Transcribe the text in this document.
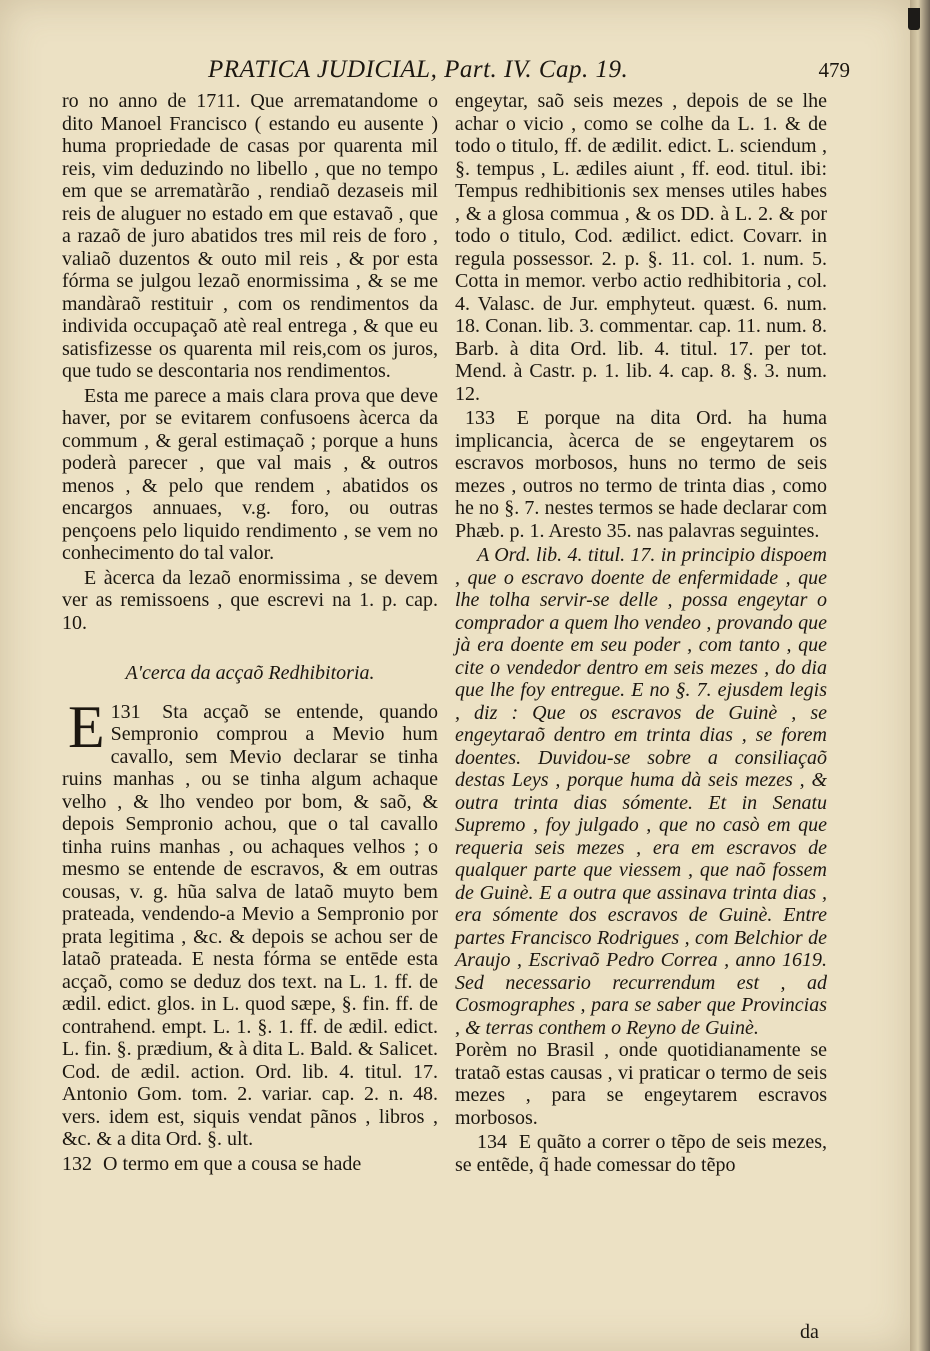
PRATICA JUDICIAL, Part. IV. Cap. 19.	479

ro no anno de 1711. Que arrematandome o dito Manoel Francisco ( estando eu ausente ) huma propriedade de casas por quarenta mil reis, vim deduzindo no libello , que no tempo em que se arrematàrão , rendiaõ dezaseis mil reis de aluguer no estado em que estavaõ , que a razaõ de juro abatidos tres mil reis de foro , valiaõ duzentos & outo mil reis , & por esta fórma se julgou lezaõ enormissima , & se me mandàraõ restituir , com os rendimentos da individa occupaçaõ atè real entrega , & que eu satisfizesse os quarenta mil reis,com os juros, que tudo se descontaria nos rendimentos.

Esta me parece a mais clara prova que deve haver, por se evitarem confusoens àcerca da commum , & geral estimaçaõ ; porque a huns poderà parecer , que val mais , & outros menos , & pelo que rendem , abatidos os encargos annuaes, v.g. foro, ou outras pençoens pelo liquido rendimento , se vem no conhecimento do tal valor.

E àcerca da lezaõ enormissima , se devem ver as remissoens , que escrevi na 1. p. cap. 10.

A'cerca da acçaõ Redhibitoria.

131
E	Sta acçaõ se entende, quando Sempronio comprou a Mevio hum cavallo, sem Mevio declarar se tinha ruins manhas , ou se tinha algum achaque velho , & lho vendeo por bom, & saõ, & depois Sempronio achou, que o tal cavallo tinha ruins manhas , ou achaques velhos ; o mesmo se entende de escravos, & em outras cousas, v. g. hũa salva de lataõ muyto bem prateada, vendendo-a Mevio a Sempronio por prata legitima , &c. & depois se achou ser de lataõ prateada. E nesta fórma se entēde esta acçaõ, como se deduz dos text. na L. 1. ff. de ædil. edict. glos. in L. quod sæpe, §. fin. ff. de contrahend. empt. L. 1. §. 1. ff. de ædil. edict. L. fin. §. prædium, & à dita L. Bald. & Salicet. Cod. de ædil. action. Ord. lib. 4. titul. 17. Antonio Gom. tom. 2. variar. cap. 2. n. 48. vers. idem est, siquis vendat pãnos , libros , &c. & a dita Ord. §. ult.

132 O termo em que a cousa se hade

engeytar, saõ seis mezes , depois de se lhe achar o vicio , como se colhe da L. 1. & de todo o titulo, ff. de ædilit. edict. L. sciendum , §. tempus , L. ædiles aiunt , ff. eod. titul. ibi: Tempus redhibitionis sex menses utiles habes , & a glosa commua , & os DD. à L. 2. & por todo o titulo, Cod. ædilict. edict. Covarr. in regula possessor. 2. p. §. 11. col. 1. num. 5. Cotta in memor. verbo actio redhibitoria , col. 4. Valasc. de Jur. emphyteut. quæst. 6. num. 18. Conan. lib. 3. commentar. cap. 11. num. 8. Barb. à dita Ord. lib. 4. titul. 17. per tot. Mend. à Castr. p. 1. lib. 4. cap. 8. §. 3. num. 12.

133 E porque na dita Ord. ha huma implicancia, àcerca de se engeytarem os escravos morbosos, huns no termo de seis mezes , outros no termo de trinta dias , como he no §. 7. nestes termos se hade declarar com Phæb. p. 1. Aresto 35. nas palavras seguintes.

A Ord. lib. 4. titul. 17. in principio dispoem , que o escravo doente de enfermidade , que lhe tolha servir-se delle , possa engeytar o comprador a quem lho vendeo , provando que jà era doente em seu poder , com tanto , que cite o vendedor dentro em seis mezes , do dia que lhe foy entregue. E no §. 7. ejusdem legis , diz : Que os escravos de Guinè , se engeytaraõ dentro em trinta dias , se forem doentes. Duvidou-se sobre a consiliaçaõ destas Leys , porque huma dà seis mezes , & outra trinta dias sómente. Et in Senatu Supremo , foy julgado , que no casò em que requeria seis mezes , era em escravos de qualquer parte que viessem , que naõ fossem de Guinè. E a outra que assinava trinta dias , era sómente dos escravos de Guinè. Entre partes Francisco Rodrigues , com Belchior de Araujo , Escrivaõ Pedro Correa , anno 1619. Sed necessario recurrendum est , ad Cosmographes , para se saber que Provincias , & terras conthem o Reyno de Guinè.

Porèm no Brasil , onde quotidianamente se trataõ estas causas , vi praticar o termo de seis mezes , para se engeytarem escravos morbosos.

134 E quãto a correr o tẽpo de seis mezes, se entẽde, q̃ hade comessar do tẽpo

da
